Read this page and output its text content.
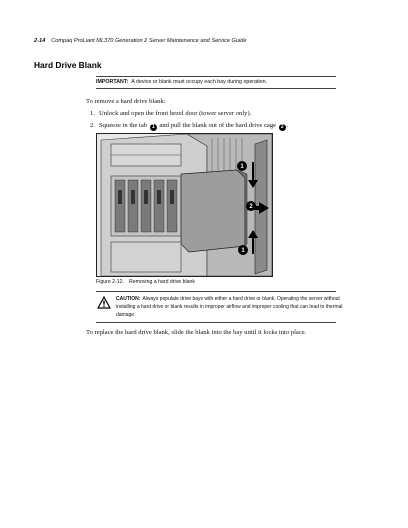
2-14 Compaq ProLiant ML370 Generation 2 Server Maintenance and Service Guide
Hard Drive Blank
IMPORTANT: A device or blank must occupy each bay during operation.
To remove a hard drive blank:
1. Unlock and open the front bezel door (tower server only).
2. Squeeze in the tab 1 and pull the blank out of the hard drive cage 2 .
1
2
1
Figure 2-12. Removing a hard drive blank
CAUTION: Always populate drive bays with either a hard drive or blank. Operating the server without installing a hard drive or blank results in improper airflow and improper cooling that can lead to thermal damage.
To replace the hard drive blank, slide the blank into the bay until it locks into place.
